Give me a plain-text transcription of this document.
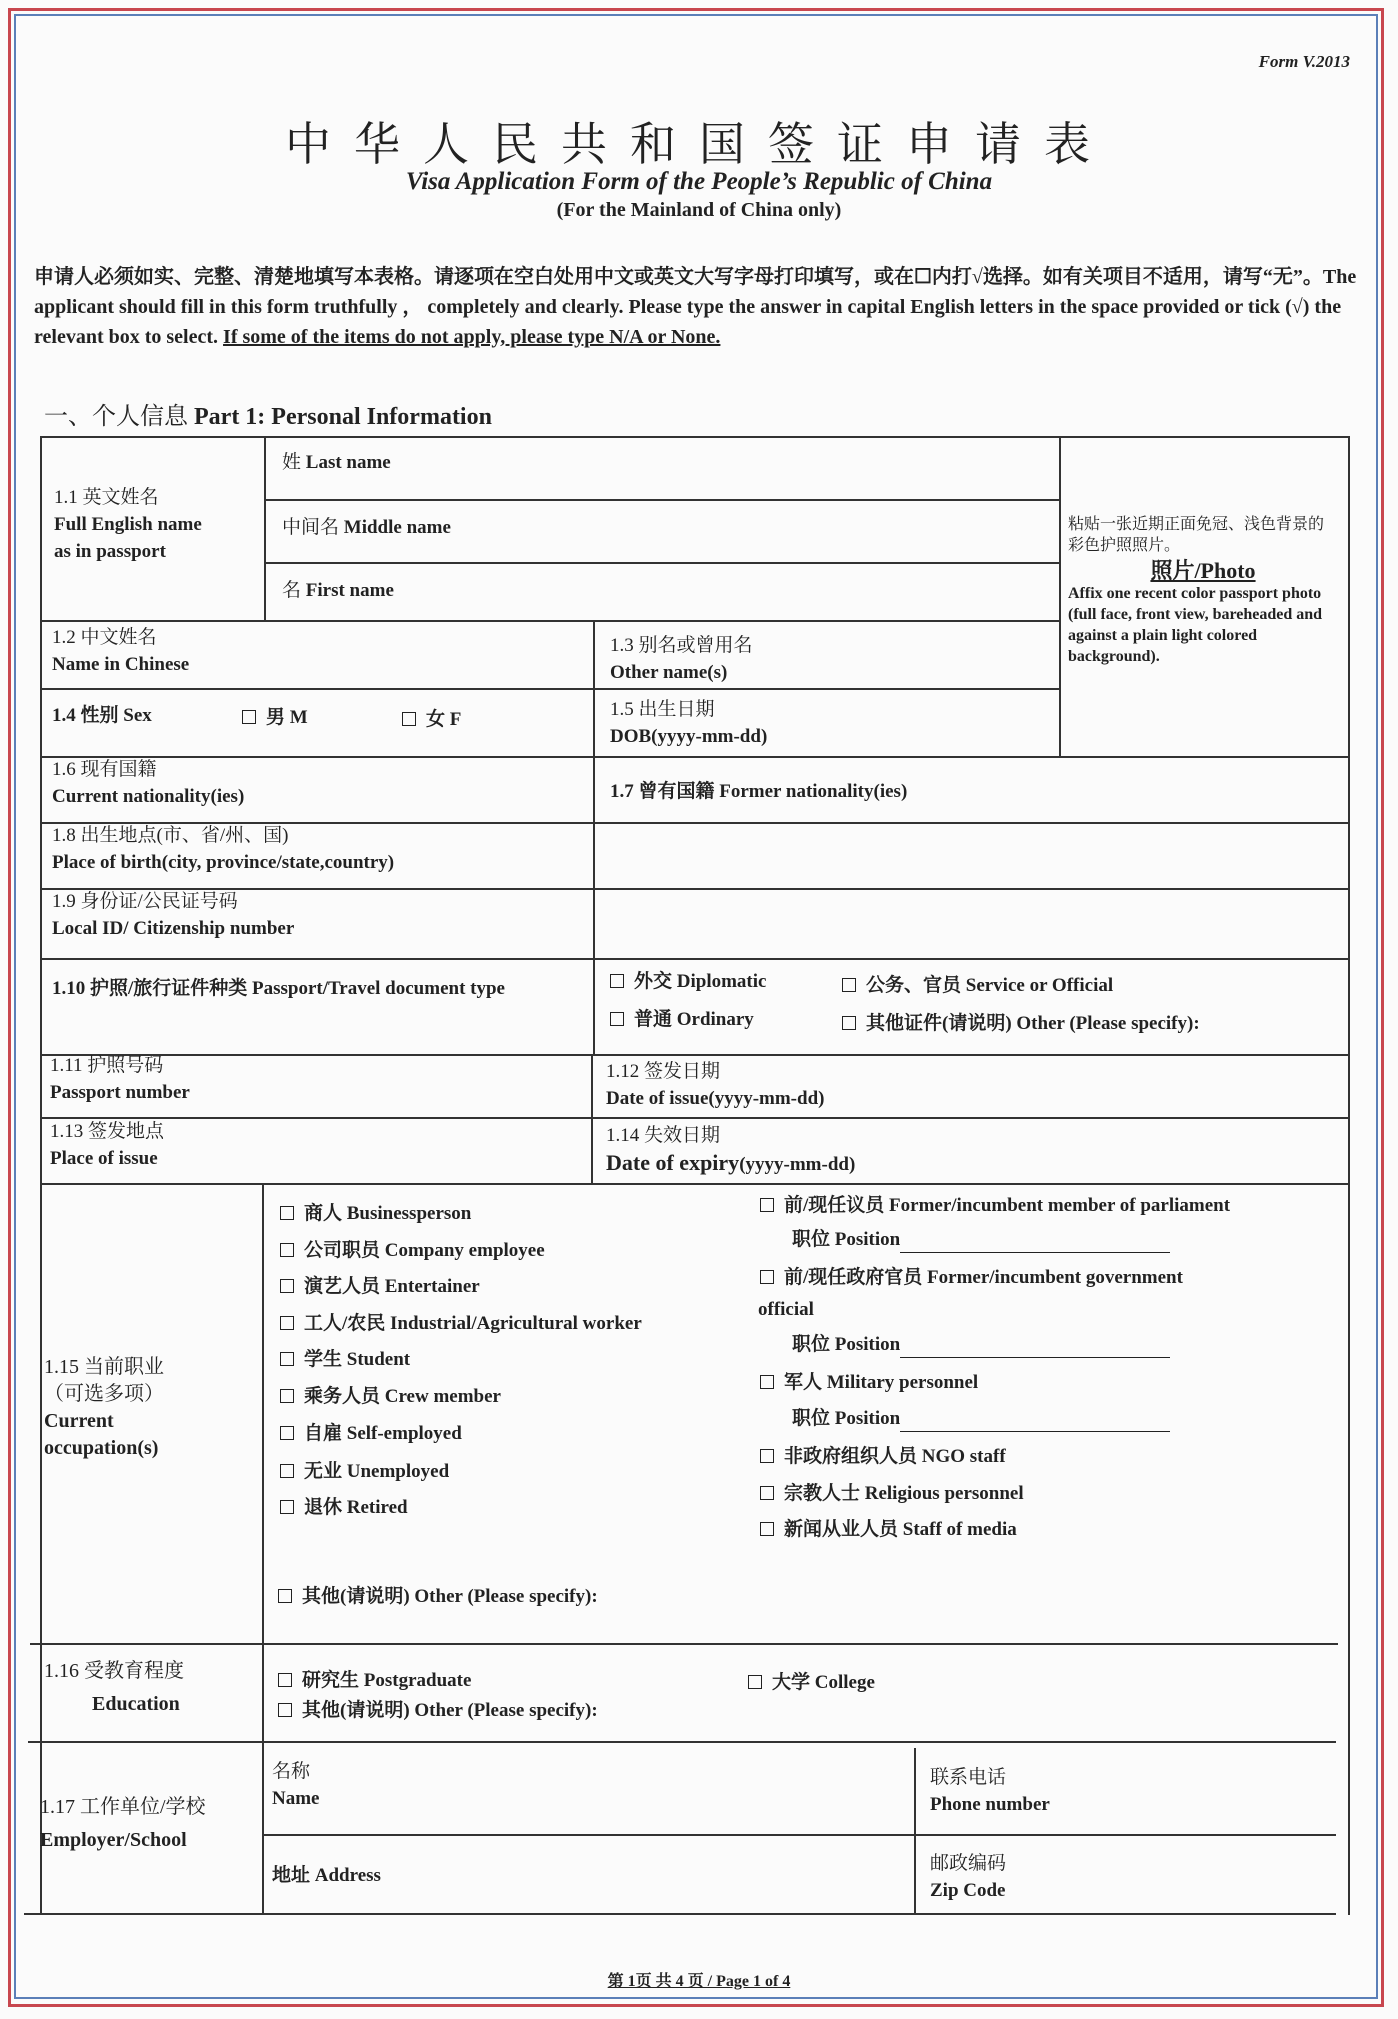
Form V.2013
中华人民共和国签证申请表
Visa Application Form of the People’s Republic of China
(For the Mainland of China only)
申请人必须如实、完整、清楚地填写本表格。请逐项在空白处用中文或英文大写字母打印填写，或在☐内打√选择。如有关项目不适用，请写“无”。The applicant should fill in this form truthfully ， completely and clearly. Please type the answer in capital English letters in the space provided or tick (√) the relevant box to select. If some of the items do not apply, please type N/A or None.
一、个人信息 Part 1: Personal Information
1.1 英文姓名
Full English name
as in passport
姓 Last name
中间名 Middle name
名 First name
粘贴一张近期正面免冠、浅色背景的彩色护照照片。
照片/Photo
Affix one recent color passport photo (full face, front view, bareheaded and against a plain light colored background).
1.2 中文姓名
Name in Chinese
1.3 别名或曾用名
Other name(s)
1.4 性别 Sex	男 M	女 F	1.5 出生日期
DOB(yyyy-mm-dd)
1.6 现有国籍
Current nationality(ies)	1.7 曾有国籍 Former nationality(ies)
1.8 出生地点(市、省/州、国)
Place of birth(city, province/state,country)
1.9 身份证/公民证号码
Local ID/ Citizenship number
1.10 护照/旅行证件种类 Passport/Travel document type	外交 Diplomatic	公务、官员 Service or Official
普通 Ordinary	其他证件(请说明) Other (Please specify):
1.11 护照号码
Passport number
1.12 签发日期
Date of issue(yyyy-mm-dd)
1.13 签发地点
Place of issue
1.14 失效日期
Date of expiry(yyyy-mm-dd)
1.15 当前职业
（可选多项）
Current
occupation(s)
商人 Businessperson
公司职员 Company employee
演艺人员 Entertainer
工人/农民 Industrial/Agricultural worker
学生 Student
乘务人员 Crew member
自雇 Self-employed
无业 Unemployed
退休 Retired
前/现任议员 Former/incumbent member of parliament
职位 Position
前/现任政府官员 Former/incumbent government
official
职位 Position
军人 Military personnel
职位 Position
非政府组织人员 NGO staff
宗教人士 Religious personnel
新闻从业人员 Staff of media
其他(请说明) Other (Please specify):
1.16 受教育程度
Education
研究生 Postgraduate	大学 College
其他(请说明) Other (Please specify):
1.17 工作单位/学校
Employer/School
名称
Name
联系电话
Phone number
地址 Address
邮政编码
Zip Code
第 1页 共 4 页 / Page 1 of 4
